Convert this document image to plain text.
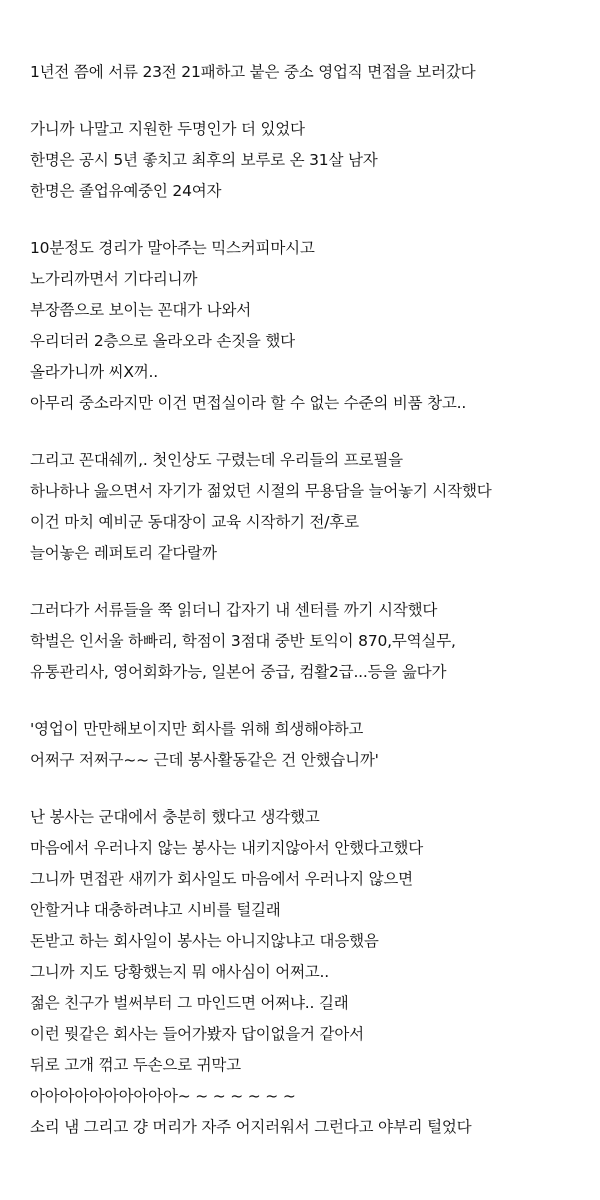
1년전 쯤에 서류 23전 21패하고 붙은 중소 영업직 면접을 보러갔다
가니까 나말고 지원한 두명인가 더 있었다
한명은 공시 5년 좋치고 최후의 보루로 온 31살 남자
한명은 졸업유예중인 24여자
10분정도 경리가 말아주는 믹스커피마시고
노가리까면서 기다리니까
부장쯤으로 보이는 꼰대가 나와서
우리더러 2층으로 올라오라 손짓을 했다
올라가니까 씨X꺼..
아무리 중소라지만 이건 면접실이라 할 수 없는 수준의 비품 창고..
그리고 꼰대쉐끼,. 첫인상도 구렸는데 우리들의 프로필을
하나하나 읊으면서 자기가 젊었던 시절의 무용담을 늘어놓기 시작했다
이건 마치 예비군 동대장이 교육 시작하기 전/후로
늘어놓은 레퍼토리 같다랄까
그러다가 서류들을 쭉 읽더니 갑자기 내 센터를 까기 시작했다
학벌은 인서울 하빠리, 학점이 3점대 중반 토익이 870,무역실무,
유통관리사, 영어회화가능, 일본어 중급, 컴활2급...등을 읊다가
'영업이 만만해보이지만 회사를 위해 희생해야하고
어쩌구 저쩌구~~ 근데 봉사활동같은 건 안했습니까'
난 봉사는 군대에서 충분히 했다고 생각했고
마음에서 우러나지 않는 봉사는 내키지않아서 안했다고했다
그니까 면접관 새끼가 회사일도 마음에서 우러나지 않으면
안할거냐 대충하려냐고 시비를 털길래
돈받고 하는 회사일이 봉사는 아니지않냐고 대응했음
그니까 지도 당황했는지 뭐 애사심이 어쩌고..
젊은 친구가 벌써부터 그 마인드면 어쩌냐.. 길래
이런 뭣같은 회사는 들어가봤자 답이없을거 같아서
뒤로 고개 꺾고 두손으로 귀막고
아아아아아아아아아아~ ~ ~ ~ ~ ~ ~
소리 냄 그리고 걍 머리가 자주 어지러워서 그런다고 야부리 털었다
